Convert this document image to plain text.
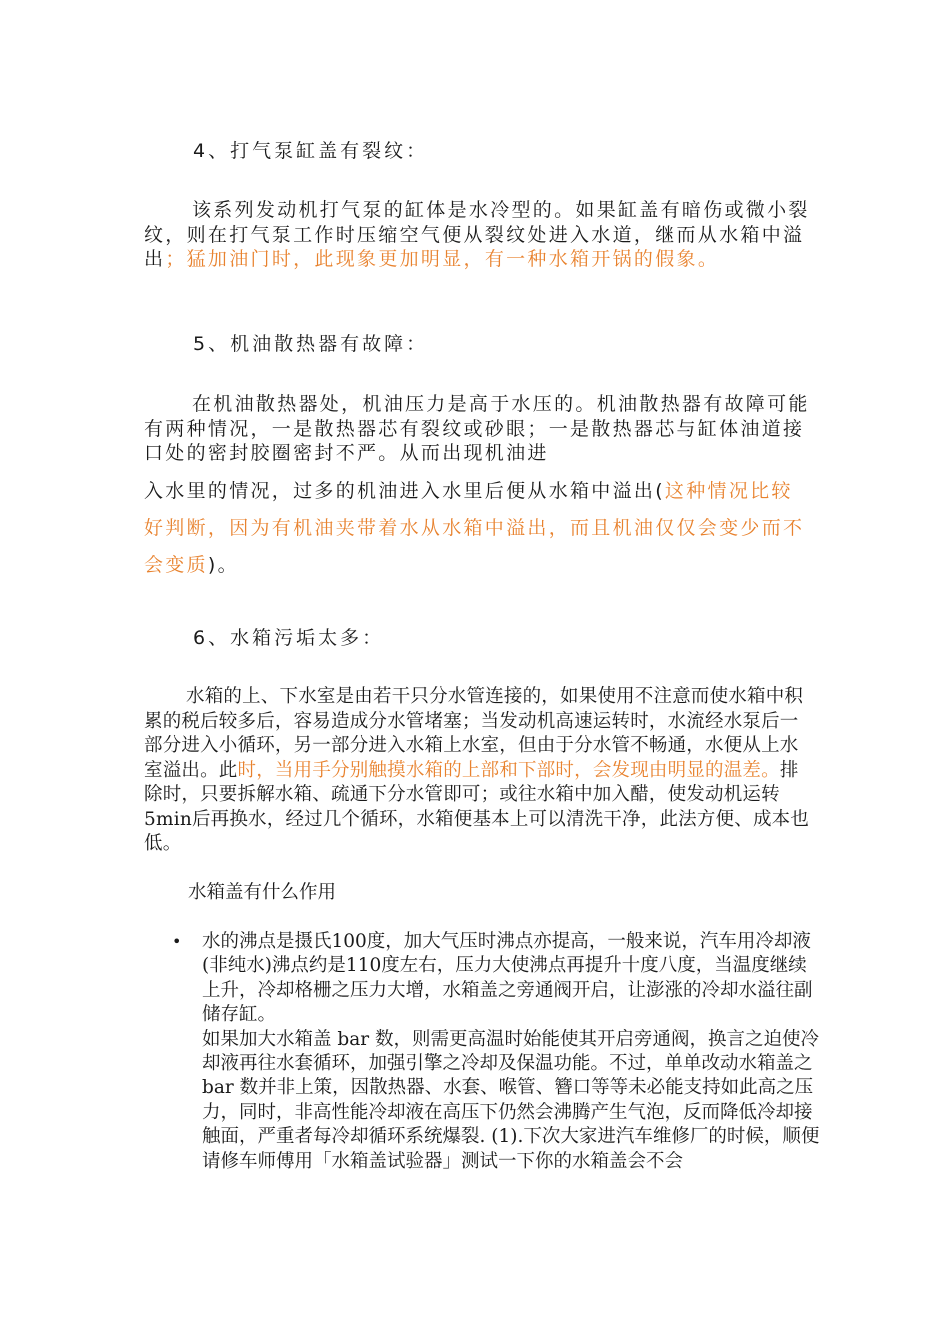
4、打气泵缸盖有裂纹：

该系列发动机打气泵的缸体是水冷型的。如果缸盖有暗伤或微小裂纹，则在打气泵工作时压缩空气便从裂纹处进入水道，继而从水箱中溢出；猛加油门时，此现象更加明显，有一种水箱开锅的假象。

5、机油散热器有故障：

在机油散热器处，机油压力是高于水压的。机油散热器有故障可能有两种情况，一是散热器芯有裂纹或砂眼；一是散热器芯与缸体油道接口处的密封胶圈密封不严。从而出现机油进

入水里的情况，过多的机油进入水里后便从水箱中溢出(这种情况比较好判断，因为有机油夹带着水从水箱中溢出，而且机油仅仅会变少而不会变质)。

6、水箱污垢太多：

水箱的上、下水室是由若干只分水管连接的，如果使用不注意而使水箱中积累的税后较多后，容易造成分水管堵塞；当发动机高速运转时，水流经水泵后一部分进入小循环，另一部分进入水箱上水室，但由于分水管不畅通，水便从上水室溢出。此时，当用手分别触摸水箱的上部和下部时，会发现由明显的温差。排除时，只要拆解水箱、疏通下分水管即可；或往水箱中加入醋，使发动机运转5min后再换水，经过几个循环，水箱便基本上可以清洗干净，此法方便、成本也低。

水箱盖有什么作用
• 水的沸点是摄氏100度，加大气压时沸点亦提高，一般来说，汽车用冷却液(非纯水)沸点约是110度左右，压力大使沸点再提升十度八度，当温度继续上升，冷却格栅之压力大增，水箱盖之旁通阀开启，让澎涨的冷却水溢往副储存缸。

如果加大水箱盖 bar 数，则需更高温时始能使其开启旁通阀，换言之迫使冷却液再往水套循环，加强引擎之冷却及保温功能。不过，单单改动水箱盖之 bar 数并非上策，因散热器、水套、喉管、簪口等等未必能支持如此高之压力，同时，非高性能冷却液在高压下仍然会沸腾产生气泡，反而降低冷却接触面，严重者每冷却循环系统爆裂. (1).下次大家进汽车维修厂的时候，顺便请修车师傅用「水箱盖试验器」测试一下你的水箱盖会不会
